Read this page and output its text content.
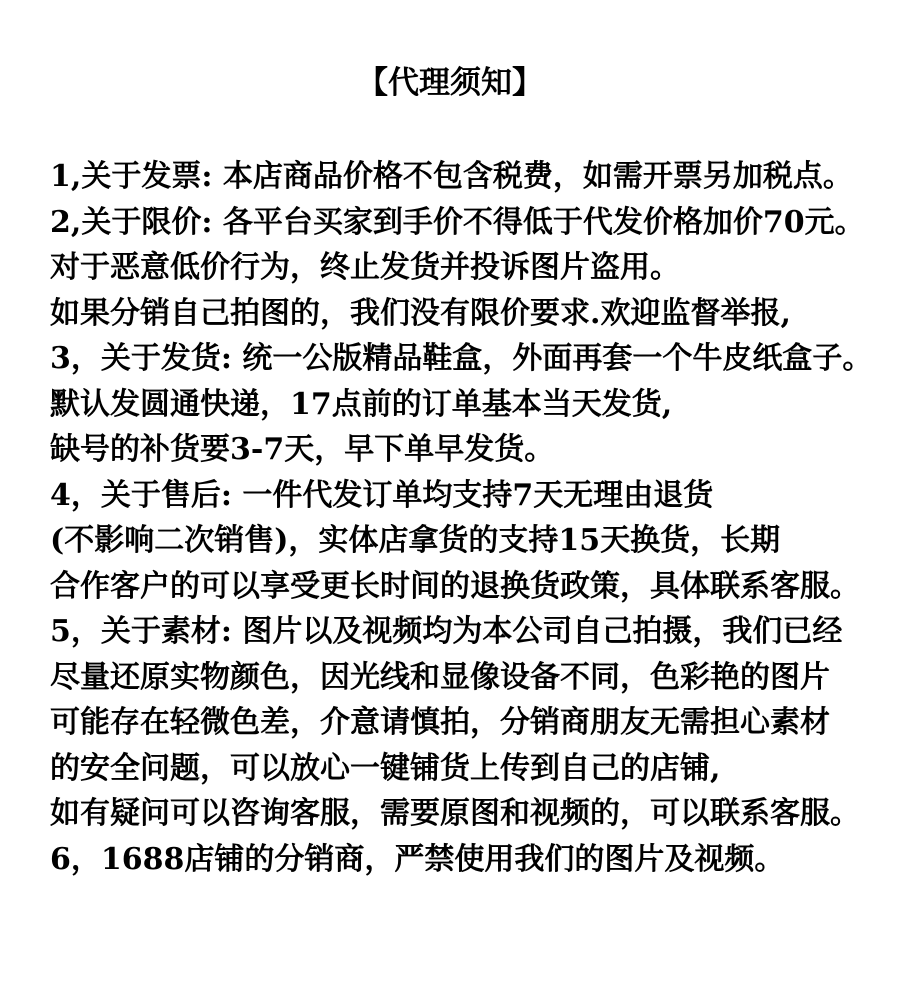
【代理须知】
1,关于发票: 本店商品价格不包含税费，如需开票另加税点。
2,关于限价: 各平台买家到手价不得低于代发价格加价70元。
对于恶意低价行为，终止发货并投诉图片盗用。
如果分销自己拍图的，我们没有限价要求.欢迎监督举报,
3，关于发货: 统一公版精品鞋盒，外面再套一个牛皮纸盒子。
默认发圆通快递，17点前的订单基本当天发货,
缺号的补货要3-7天，早下单早发货。
4，关于售后: 一件代发订单均支持7天无理由退货
(不影响二次销售)，实体店拿货的支持15天换货，长期
合作客户的可以享受更长时间的退换货政策，具体联系客服。
5，关于素材: 图片以及视频均为本公司自己拍摄，我们已经
尽量还原实物颜色，因光线和显像设备不同，色彩艳的图片
可能存在轻微色差，介意请慎拍，分销商朋友无需担心素材
的安全问题，可以放心一键铺货上传到自己的店铺,
如有疑问可以咨询客服，需要原图和视频的，可以联系客服。
6，1688店铺的分销商，严禁使用我们的图片及视频。
